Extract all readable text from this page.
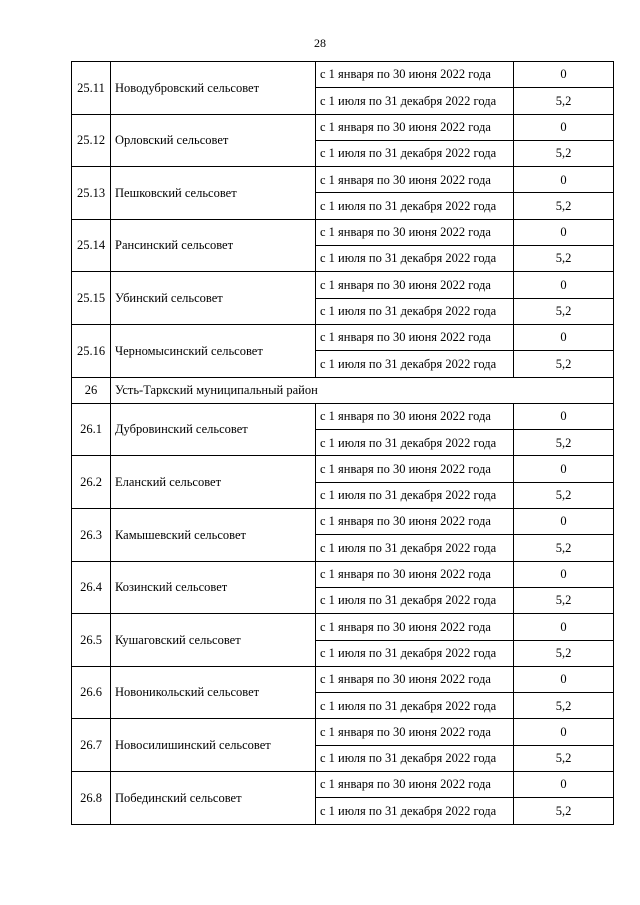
28
25.11	Новодубровский сельсовет	с 1 января по 30 июня 2022 года	0
		с 1 июля по 31 декабря 2022 года	5,2
25.12	Орловский сельсовет	с 1 января по 30 июня 2022 года	0
		с 1 июля по 31 декабря 2022 года	5,2
25.13	Пешковский сельсовет	с 1 января по 30 июня 2022 года	0
		с 1 июля по 31 декабря 2022 года	5,2
25.14	Рансинский сельсовет	с 1 января по 30 июня 2022 года	0
		с 1 июля по 31 декабря 2022 года	5,2
25.15	Убинский сельсовет	с 1 января по 30 июня 2022 года	0
		с 1 июля по 31 декабря 2022 года	5,2
25.16	Черномысинский сельсовет	с 1 января по 30 июня 2022 года	0
		с 1 июля по 31 декабря 2022 года	5,2
26	Усть-Таркский муниципальный район		
26.1	Дубровинский сельсовет	с 1 января по 30 июня 2022 года	0
		с 1 июля по 31 декабря 2022 года	5,2
26.2	Еланский сельсовет	с 1 января по 30 июня 2022 года	0
		с 1 июля по 31 декабря 2022 года	5,2
26.3	Камышевский сельсовет	с 1 января по 30 июня 2022 года	0
		с 1 июля по 31 декабря 2022 года	5,2
26.4	Козинский сельсовет	с 1 января по 30 июня 2022 года	0
		с 1 июля по 31 декабря 2022 года	5,2
26.5	Кушаговский сельсовет	с 1 января по 30 июня 2022 года	0
		с 1 июля по 31 декабря 2022 года	5,2
26.6	Новоникольский сельсовет	с 1 января по 30 июня 2022 года	0
		с 1 июля по 31 декабря 2022 года	5,2
26.7	Новосилишинский сельсовет	с 1 января по 30 июня 2022 года	0
		с 1 июля по 31 декабря 2022 года	5,2
26.8	Побединский сельсовет	с 1 января по 30 июня 2022 года	0
		с 1 июля по 31 декабря 2022 года	5,2
